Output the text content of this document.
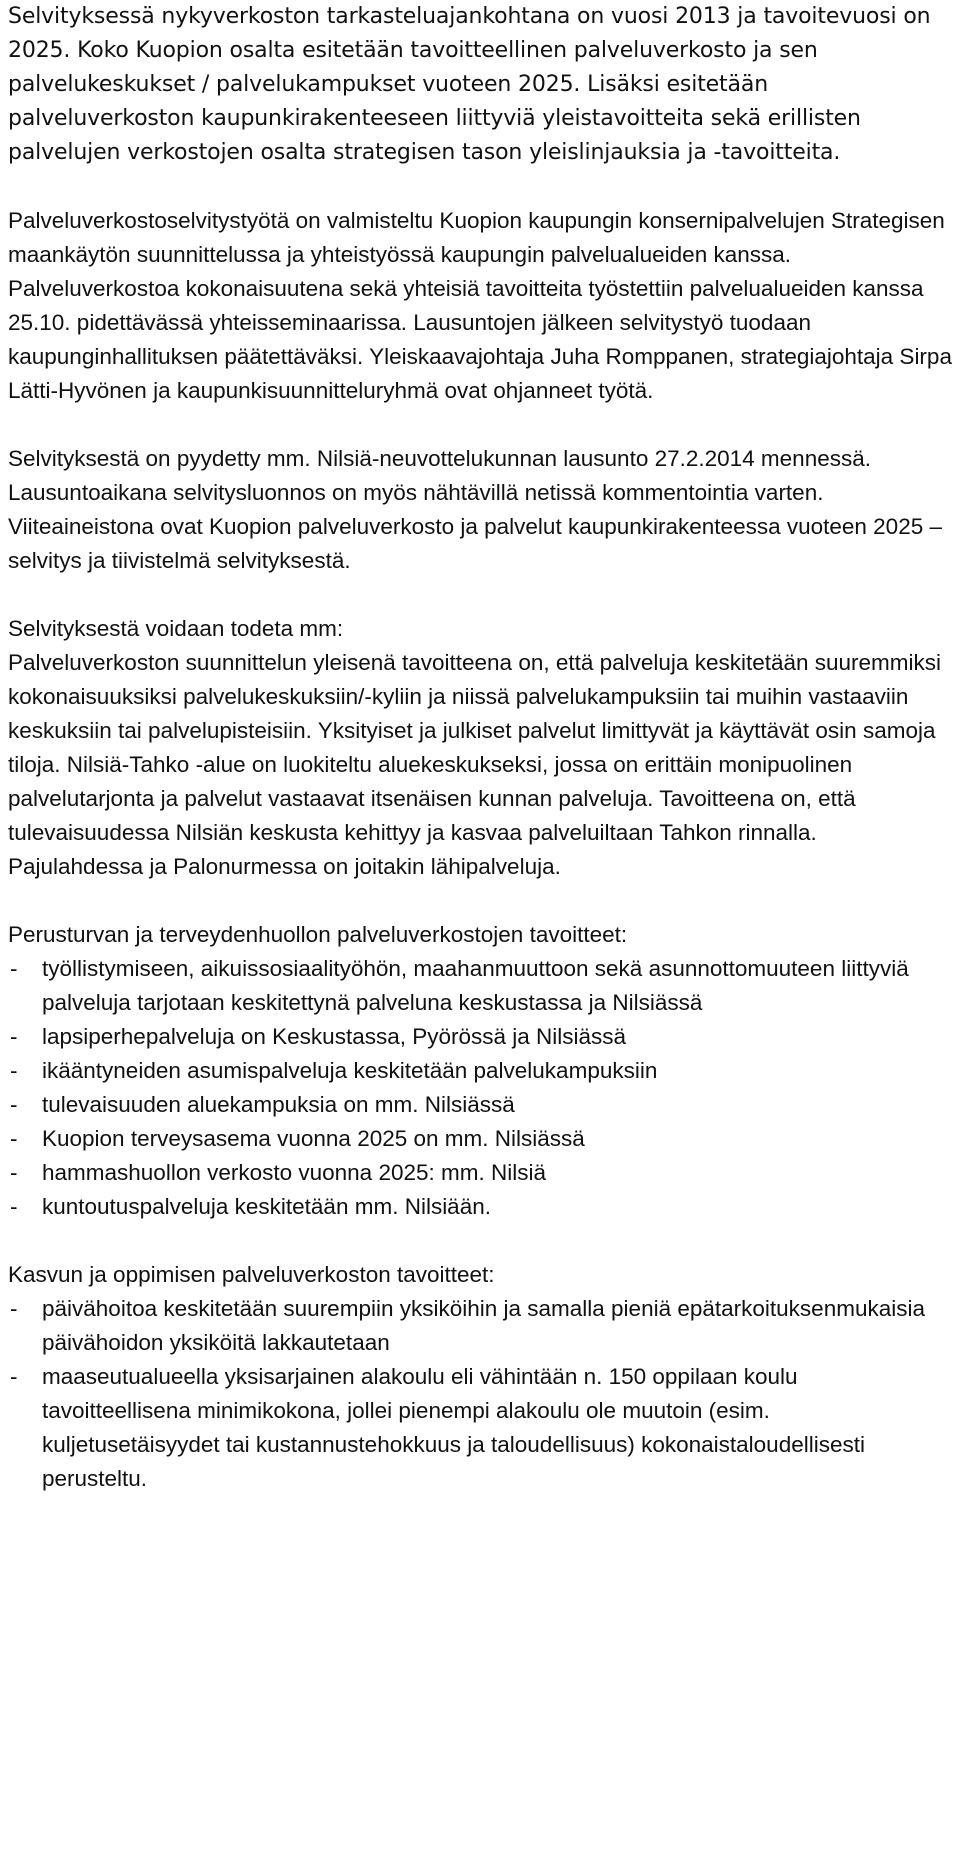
Selvityksessä nykyverkoston tarkasteluajankohtana on vuosi 2013 ja tavoitevuosi on 2025. Koko Kuopion osalta esitetään tavoitteellinen palveluverkosto ja sen palvelukeskukset / palvelukampukset vuoteen 2025. Lisäksi esitetään palveluverkoston kaupunkirakenteeseen liittyviä yleistavoitteita sekä erillisten palvelujen verkostojen osalta strategisen tason yleislinjauksia ja -tavoitteita.

Palveluverkostoselvitystyötä on valmisteltu Kuopion kaupungin konsernipalvelujen Strategisen maankäytön suunnittelussa ja yhteistyössä kaupungin palvelualueiden kanssa. Palveluverkostoa kokonaisuutena sekä yhteisiä tavoitteita työstettiin palvelualueiden kanssa 25.10. pidettävässä yhteisseminaarissa. Lausuntojen jälkeen selvitystyö tuodaan kaupunginhallituksen päätettäväksi. Yleiskaavajohtaja Juha Romppanen, strategiajohtaja Sirpa Lätti-Hyvönen ja kaupunkisuunnitteluryhmä ovat ohjanneet työtä.

Selvityksestä on pyydetty mm. Nilsiä-neuvottelukunnan lausunto 27.2.2014 mennessä. Lausuntoaikana selvitysluonnos on myös nähtävillä netissä kommentointia varten. Viiteaineistona ovat Kuopion palveluverkosto ja palvelut kaupunkirakenteessa vuoteen 2025 – selvitys ja tiivistelmä selvityksestä.

Selvityksestä voidaan todeta mm:

Palveluverkoston suunnittelun yleisenä tavoitteena on, että palveluja keskitetään suuremmiksi kokonaisuuksiksi palvelukeskuksiin/-kyliin ja niissä palvelukampuksiin tai muihin vastaaviin keskuksiin tai palvelupisteisiin. Yksityiset ja julkiset palvelut limittyvät ja käyttävät osin samoja tiloja. Nilsiä-Tahko -alue on luokiteltu aluekeskukseksi, jossa on erittäin monipuolinen palvelutarjonta ja palvelut vastaavat itsenäisen kunnan palveluja. Tavoitteena on, että tulevaisuudessa Nilsiän keskusta kehittyy ja kasvaa palveluiltaan Tahkon rinnalla. Pajulahdessa ja Palonurmessa on joitakin lähipalveluja.

Perusturvan ja terveydenhuollon palveluverkostojen tavoitteet:

- työllistymiseen, aikuissosiaalityöhön, maahanmuuttoon sekä asunnottomuuteen liittyviä palveluja tarjotaan keskitettynä palveluna keskustassa ja Nilsiässä
- lapsiperhepalveluja on Keskustassa, Pyörössä ja Nilsiässä
- ikääntyneiden asumispalveluja keskitetään palvelukampuksiin
- tulevaisuuden aluekampuksia on mm. Nilsiässä
- Kuopion terveysasema vuonna 2025 on mm. Nilsiässä
- hammashuollon verkosto vuonna 2025: mm. Nilsiä
- kuntoutuspalveluja keskitetään mm. Nilsiään.

Kasvun ja oppimisen palveluverkoston tavoitteet:

- päivähoitoa keskitetään suurempiin yksiköihin ja samalla pieniä epätarkoituksenmukaisia päivähoidon yksiköitä lakkautetaan
- maaseutualueella yksisarjainen alakoulu eli vähintään n. 150 oppilaan koulu tavoitteellisena minimikokona, jollei pienempi alakoulu ole muutoin (esim. kuljetusetäisyydet tai kustannustehokkuus ja taloudellisuus) kokonaistaloudellisesti perusteltu.
